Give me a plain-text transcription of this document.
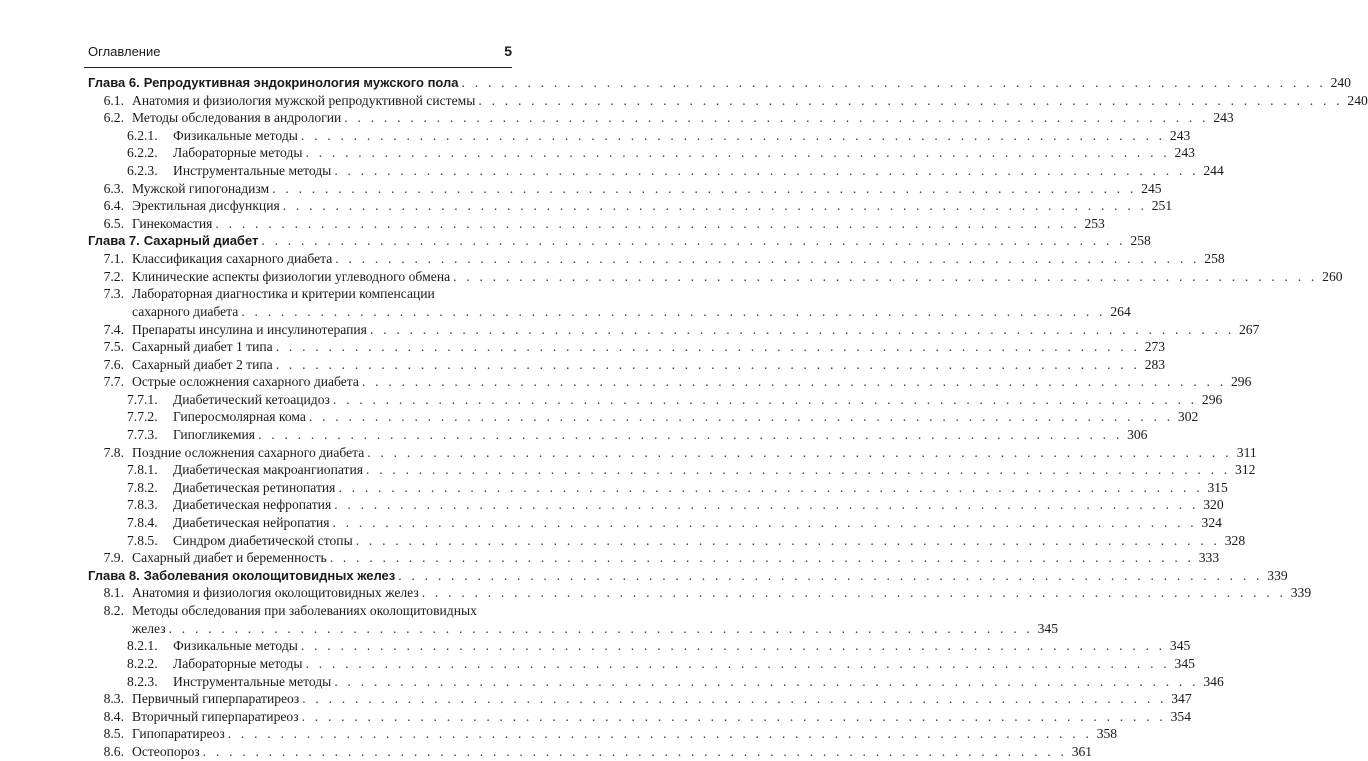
Оглавление	5
Глава 6. Репродуктивная эндокринология мужского пола . . . . . . . . . . . . . . . . . . . . . . . . . . . . . . . . . . . . . . . . . . . . . . . . . . . . . . . . . . . . . . . . . . 240
6.1. Анатомия и физиология мужской репродуктивной системы . . . . . . . . . . . . . . . . . . . . . . . . . . . . . . . . . . . . . . . . . . . . . . . . . . . . . . . . . . . . . . . . . . 240
6.2. Методы обследования в андрологии . . . . . . . . . . . . . . . . . . . . . . . . . . . . . . . . . . . . . . . . . . . . . . . . . . . . . . . . . . . . . . . . . . 243
6.2.1.	Физикальные методы . . . . . . . . . . . . . . . . . . . . . . . . . . . . . . . . . . . . . . . . . . . . . . . . . . . . . . . . . . . . . . . . . . 243
6.2.2.	Лабораторные методы . . . . . . . . . . . . . . . . . . . . . . . . . . . . . . . . . . . . . . . . . . . . . . . . . . . . . . . . . . . . . . . . . . 243
6.2.3.	Инструментальные методы . . . . . . . . . . . . . . . . . . . . . . . . . . . . . . . . . . . . . . . . . . . . . . . . . . . . . . . . . . . . . . . . . . 244
6.3. Мужской гипогонадизм . . . . . . . . . . . . . . . . . . . . . . . . . . . . . . . . . . . . . . . . . . . . . . . . . . . . . . . . . . . . . . . . . . 245
6.4. Эректильная дисфункция . . . . . . . . . . . . . . . . . . . . . . . . . . . . . . . . . . . . . . . . . . . . . . . . . . . . . . . . . . . . . . . . . . 251
6.5. Гинекомастия . . . . . . . . . . . . . . . . . . . . . . . . . . . . . . . . . . . . . . . . . . . . . . . . . . . . . . . . . . . . . . . . . . 253
Глава 7. Сахарный диабет . . . . . . . . . . . . . . . . . . . . . . . . . . . . . . . . . . . . . . . . . . . . . . . . . . . . . . . . . . . . . . . . . . 258
7.1. Классификация сахарного диабета . . . . . . . . . . . . . . . . . . . . . . . . . . . . . . . . . . . . . . . . . . . . . . . . . . . . . . . . . . . . . . . . . . 258
7.2. Клинические аспекты физиологии углеводного обмена . . . . . . . . . . . . . . . . . . . . . . . . . . . . . . . . . . . . . . . . . . . . . . . . . . . . . . . . . . . . . . . . . . 260
7.3. Лабораторная диагностика и критерии компенсации
сахарного диабета . . . . . . . . . . . . . . . . . . . . . . . . . . . . . . . . . . . . . . . . . . . . . . . . . . . . . . . . . . . . . . . . . . 264
7.4. Препараты инсулина и инсулинотерапия . . . . . . . . . . . . . . . . . . . . . . . . . . . . . . . . . . . . . . . . . . . . . . . . . . . . . . . . . . . . . . . . . . 267
7.5. Сахарный диабет 1 типа . . . . . . . . . . . . . . . . . . . . . . . . . . . . . . . . . . . . . . . . . . . . . . . . . . . . . . . . . . . . . . . . . . 273
7.6. Сахарный диабет 2 типа . . . . . . . . . . . . . . . . . . . . . . . . . . . . . . . . . . . . . . . . . . . . . . . . . . . . . . . . . . . . . . . . . . 283
7.7. Острые осложнения сахарного диабета . . . . . . . . . . . . . . . . . . . . . . . . . . . . . . . . . . . . . . . . . . . . . . . . . . . . . . . . . . . . . . . . . . 296
7.7.1.	Диабетический кетоацидоз . . . . . . . . . . . . . . . . . . . . . . . . . . . . . . . . . . . . . . . . . . . . . . . . . . . . . . . . . . . . . . . . . . 296
7.7.2.	Гиперосмолярная кома . . . . . . . . . . . . . . . . . . . . . . . . . . . . . . . . . . . . . . . . . . . . . . . . . . . . . . . . . . . . . . . . . . 302
7.7.3.	Гипогликемия . . . . . . . . . . . . . . . . . . . . . . . . . . . . . . . . . . . . . . . . . . . . . . . . . . . . . . . . . . . . . . . . . . 306
7.8. Поздние осложнения сахарного диабета . . . . . . . . . . . . . . . . . . . . . . . . . . . . . . . . . . . . . . . . . . . . . . . . . . . . . . . . . . . . . . . . . . 311
7.8.1.	Диабетическая макроангиопатия . . . . . . . . . . . . . . . . . . . . . . . . . . . . . . . . . . . . . . . . . . . . . . . . . . . . . . . . . . . . . . . . . . 312
7.8.2.	Диабетическая ретинопатия . . . . . . . . . . . . . . . . . . . . . . . . . . . . . . . . . . . . . . . . . . . . . . . . . . . . . . . . . . . . . . . . . . 315
7.8.3.	Диабетическая нефропатия . . . . . . . . . . . . . . . . . . . . . . . . . . . . . . . . . . . . . . . . . . . . . . . . . . . . . . . . . . . . . . . . . . 320
7.8.4.	Диабетическая нейропатия . . . . . . . . . . . . . . . . . . . . . . . . . . . . . . . . . . . . . . . . . . . . . . . . . . . . . . . . . . . . . . . . . . 324
7.8.5.	Синдром диабетической стопы . . . . . . . . . . . . . . . . . . . . . . . . . . . . . . . . . . . . . . . . . . . . . . . . . . . . . . . . . . . . . . . . . . 328
7.9. Сахарный диабет и беременность . . . . . . . . . . . . . . . . . . . . . . . . . . . . . . . . . . . . . . . . . . . . . . . . . . . . . . . . . . . . . . . . . . 333
Глава 8. Заболевания околощитовидных желез . . . . . . . . . . . . . . . . . . . . . . . . . . . . . . . . . . . . . . . . . . . . . . . . . . . . . . . . . . . . . . . . . . 339
8.1. Анатомия и физиология околощитовидных желез . . . . . . . . . . . . . . . . . . . . . . . . . . . . . . . . . . . . . . . . . . . . . . . . . . . . . . . . . . . . . . . . . . 339
8.2. Методы обследования при заболеваниях околощитовидных
желез . . . . . . . . . . . . . . . . . . . . . . . . . . . . . . . . . . . . . . . . . . . . . . . . . . . . . . . . . . . . . . . . . . 345
8.2.1.	Физикальные методы . . . . . . . . . . . . . . . . . . . . . . . . . . . . . . . . . . . . . . . . . . . . . . . . . . . . . . . . . . . . . . . . . . 345
8.2.2.	Лабораторные методы . . . . . . . . . . . . . . . . . . . . . . . . . . . . . . . . . . . . . . . . . . . . . . . . . . . . . . . . . . . . . . . . . . 345
8.2.3.	Инструментальные методы . . . . . . . . . . . . . . . . . . . . . . . . . . . . . . . . . . . . . . . . . . . . . . . . . . . . . . . . . . . . . . . . . . 346
8.3. Первичный гиперпаратиреоз . . . . . . . . . . . . . . . . . . . . . . . . . . . . . . . . . . . . . . . . . . . . . . . . . . . . . . . . . . . . . . . . . . 347
8.4. Вторичный гиперпаратиреоз . . . . . . . . . . . . . . . . . . . . . . . . . . . . . . . . . . . . . . . . . . . . . . . . . . . . . . . . . . . . . . . . . . 354
8.5. Гипопаратиреоз . . . . . . . . . . . . . . . . . . . . . . . . . . . . . . . . . . . . . . . . . . . . . . . . . . . . . . . . . . . . . . . . . . 358
8.6. Остеопороз . . . . . . . . . . . . . . . . . . . . . . . . . . . . . . . . . . . . . . . . . . . . . . . . . . . . . . . . . . . . . . . . . . 361
